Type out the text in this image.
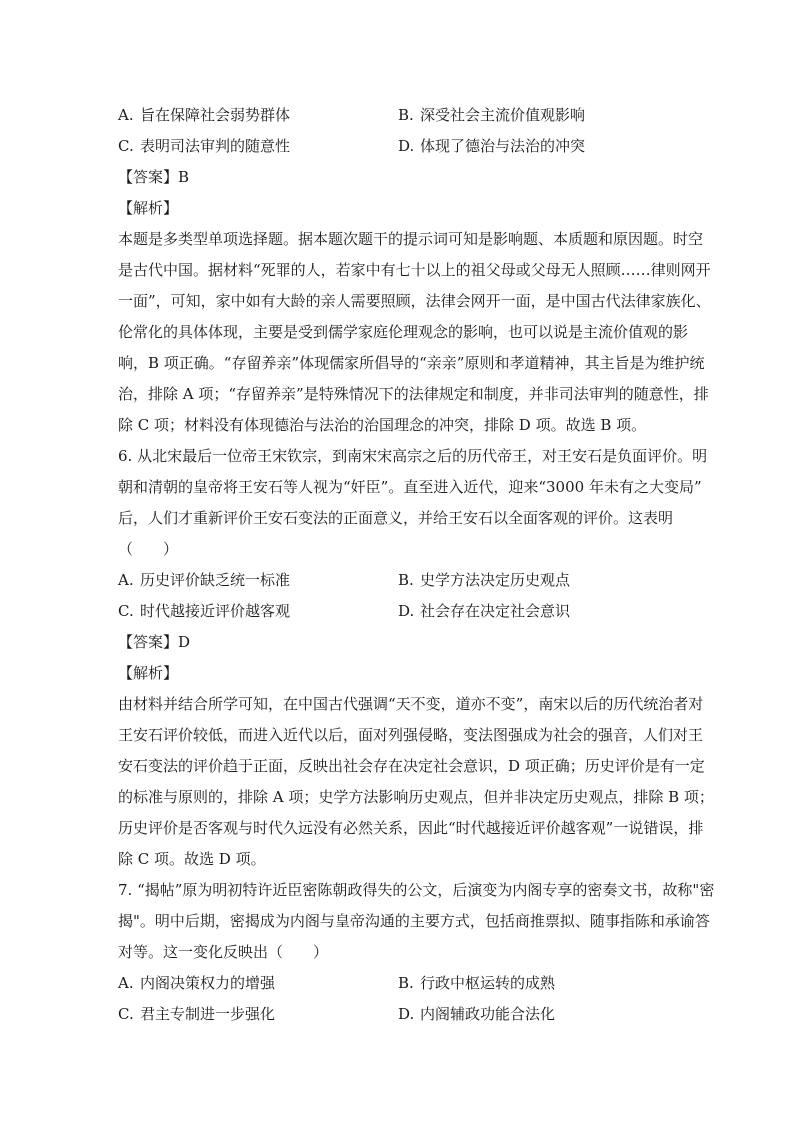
A. 旨在保障社会弱势群体	B. 深受社会主流价值观影响
C. 表明司法审判的随意性	D. 体现了德治与法治的冲突
【答案】B
【解析】
本题是多类型单项选择题。据本题次题干的提示词可知是影响题、本质题和原因题。时空
是古代中国。据材料“死罪的人，若家中有七十以上的祖父母或父母无人照顾……律则网开
一面”，可知，家中如有大龄的亲人需要照顾，法律会网开一面，是中国古代法律家族化、
伦常化的具体体现，主要是受到儒学家庭伦理观念的影响，也可以说是主流价值观的影
响，B 项正确。“存留养亲”体现儒家所倡导的“亲亲”原则和孝道精神，其主旨是为维护统
治，排除 A 项；“存留养亲”是特殊情况下的法律规定和制度，并非司法审判的随意性，排
除 C 项；材料没有体现德治与法治的治国理念的冲突，排除 D 项。故选 B 项。
6. 从北宋最后一位帝王宋钦宗，到南宋宋高宗之后的历代帝王，对王安石是负面评价。明
朝和清朝的皇帝将王安石等人视为“奸臣”。直至进入近代，迎来“3000 年未有之大变局”
后，人们才重新评价王安石变法的正面意义，并给王安石以全面客观的评价。这表明
（　　）
A. 历史评价缺乏统一标准	B. 史学方法决定历史观点
C. 时代越接近评价越客观	D. 社会存在决定社会意识
【答案】D
【解析】
由材料并结合所学可知，在中国古代强调“天不变，道亦不变”，南宋以后的历代统治者对
王安石评价较低，而进入近代以后，面对列强侵略，变法图强成为社会的强音，人们对王
安石变法的评价趋于正面，反映出社会存在决定社会意识，D 项正确；历史评价是有一定
的标准与原则的，排除 A 项；史学方法影响历史观点，但并非决定历史观点，排除 B 项；
历史评价是否客观与时代久远没有必然关系，因此“时代越接近评价越客观”一说错误，排
除 C 项。故选 D 项。
7. “揭帖”原为明初特许近臣密陈朝政得失的公文，后演变为内阁专享的密奏文书，故称"密
揭"。明中后期，密揭成为内阁与皇帝沟通的主要方式，包括商推票拟、随事指陈和承谕答
对等。这一变化反映出（　　）
A. 内阁决策权力的增强	B. 行政中枢运转的成熟
C. 君主专制进一步强化	D. 内阁辅政功能合法化
